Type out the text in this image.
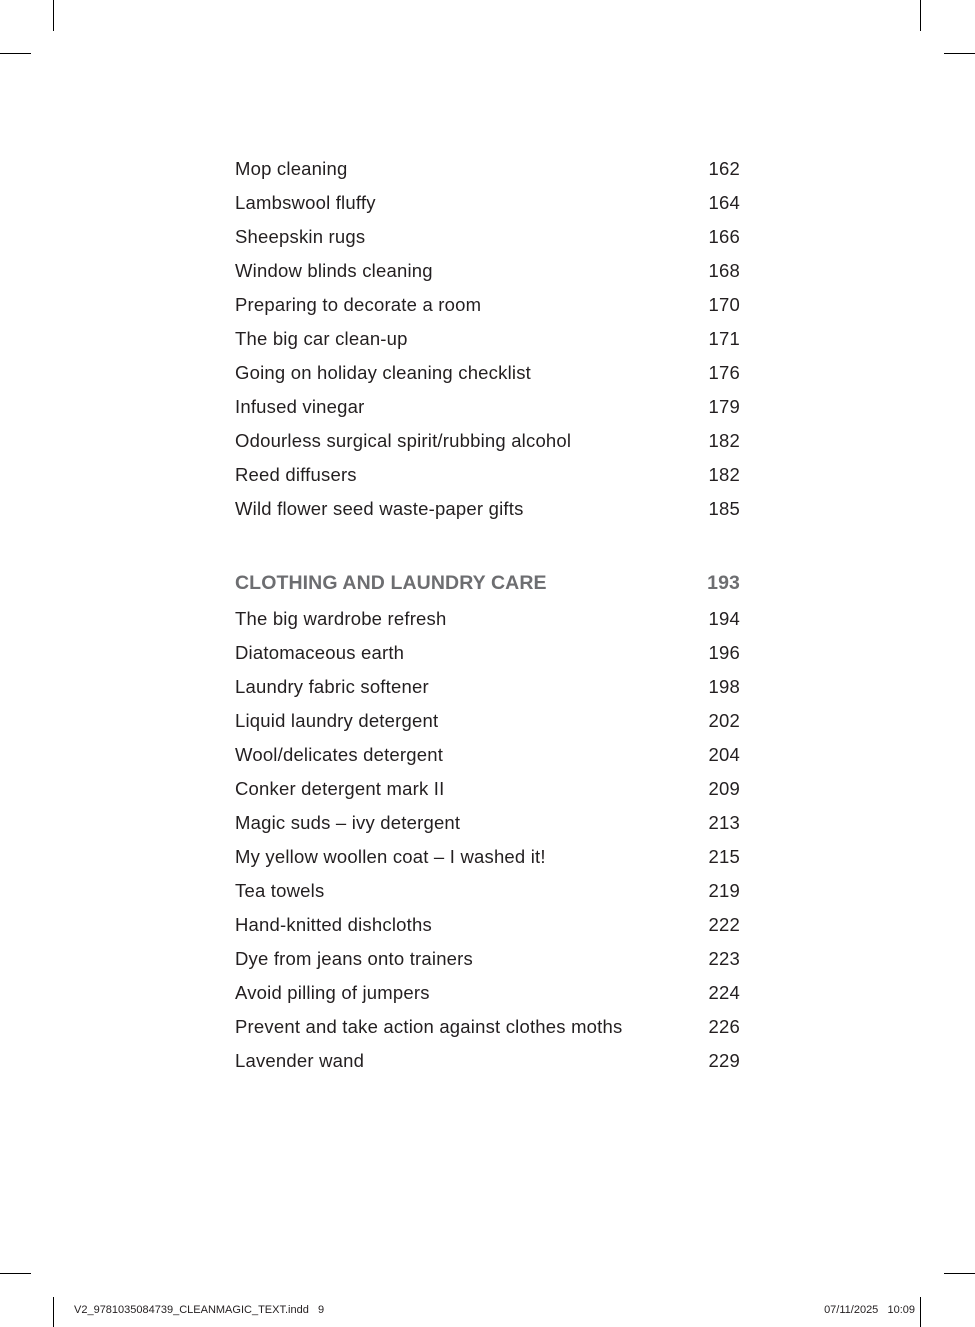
Mop cleaning	162
Lambswool fluffy	164
Sheepskin rugs	166
Window blinds cleaning	168
Preparing to decorate a room	170
The big car clean-up	171
Going on holiday cleaning checklist	176
Infused vinegar	179
Odourless surgical spirit/rubbing alcohol	182
Reed diffusers	182
Wild flower seed waste-paper gifts	185
CLOTHING AND LAUNDRY CARE	193
The big wardrobe refresh	194
Diatomaceous earth	196
Laundry fabric softener	198
Liquid laundry detergent	202
Wool/delicates detergent	204
Conker detergent mark II	209
Magic suds – ivy detergent	213
My yellow woollen coat – I washed it!	215
Tea towels	219
Hand-knitted dishcloths	222
Dye from jeans onto trainers	223
Avoid pilling of jumpers	224
Prevent and take action against clothes moths	226
Lavender wand	229
V2_9781035084739_CLEANMAGIC_TEXT.indd   9	07/11/2025   10:09
